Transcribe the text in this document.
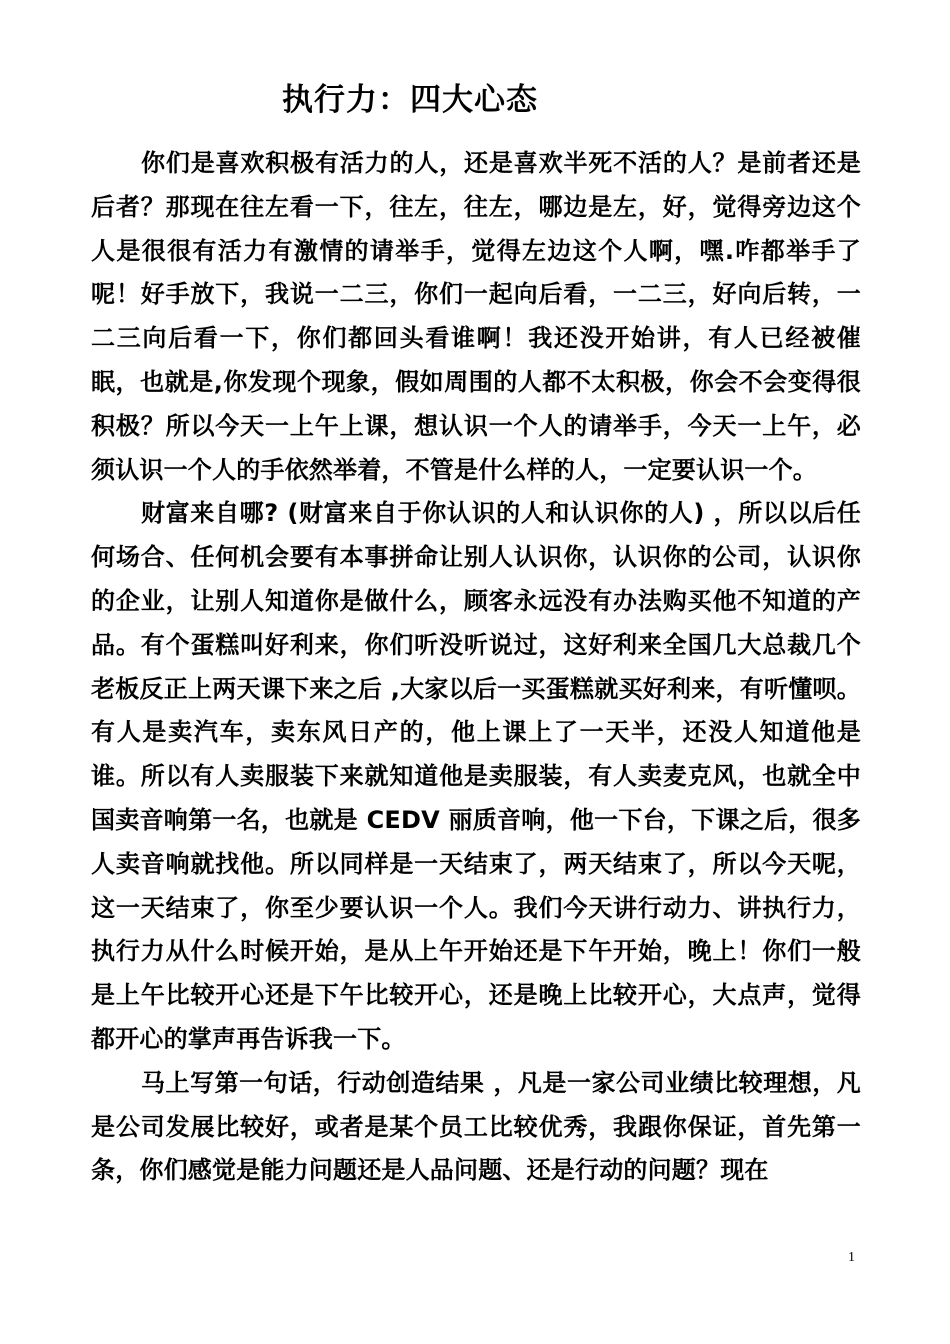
执行力：四大心态

你们是喜欢积极有活力的人，还是喜欢半死不活的人？是前者还是后者？那现在往左看一下，往左，往左，哪边是左，好，觉得旁边这个人是很很有活力有激情的请举手，觉得左边这个人啊，嘿.咋都举手了呢！好手放下，我说一二三，你们一起向后看，一二三，好向后转，一二三向后看一下，你们都回头看谁啊！我还没开始讲，有人已经被催眠，也就是,你发现个现象，假如周围的人都不太积极，你会不会变得很积极？所以今天一上午上课，想认识一个人的请举手，今天一上午，必须认识一个人的手依然举着，不管是什么样的人，一定要认识一个。

财富来自哪? (财富来自于你认识的人和认识你的人) ，所以以后任何场合、任何机会要有本事拼命让别人认识你，认识你的公司，认识你的企业，让别人知道你是做什么，顾客永远没有办法购买他不知道的产品。有个蛋糕叫好利来，你们听没听说过，这好利来全国几大总裁几个老板反正上两天课下来之后 ,大家以后一买蛋糕就买好利来，有听懂呗。有人是卖汽车，卖东风日产的，他上课上了一天半，还没人知道他是谁。所以有人卖服装下来就知道他是卖服装，有人卖麦克风，也就全中国卖音响第一名，也就是 CEDV 丽质音响，他一下台，下课之后，很多人卖音响就找他。所以同样是一天结束了，两天结束了，所以今天呢，这一天结束了，你至少要认识一个人。我们今天讲行动力、讲执行力，执行力从什么时候开始，是从上午开始还是下午开始，晚上！你们一般是上午比较开心还是下午比较开心，还是晚上比较开心，大点声，觉得都开心的掌声再告诉我一下。

马上写第一句话，行动创造结果 ，凡是一家公司业绩比较理想，凡是公司发展比较好，或者是某个员工比较优秀，我跟你保证，首先第一条，你们感觉是能力问题还是人品问题、还是行动的问题？现在

1
